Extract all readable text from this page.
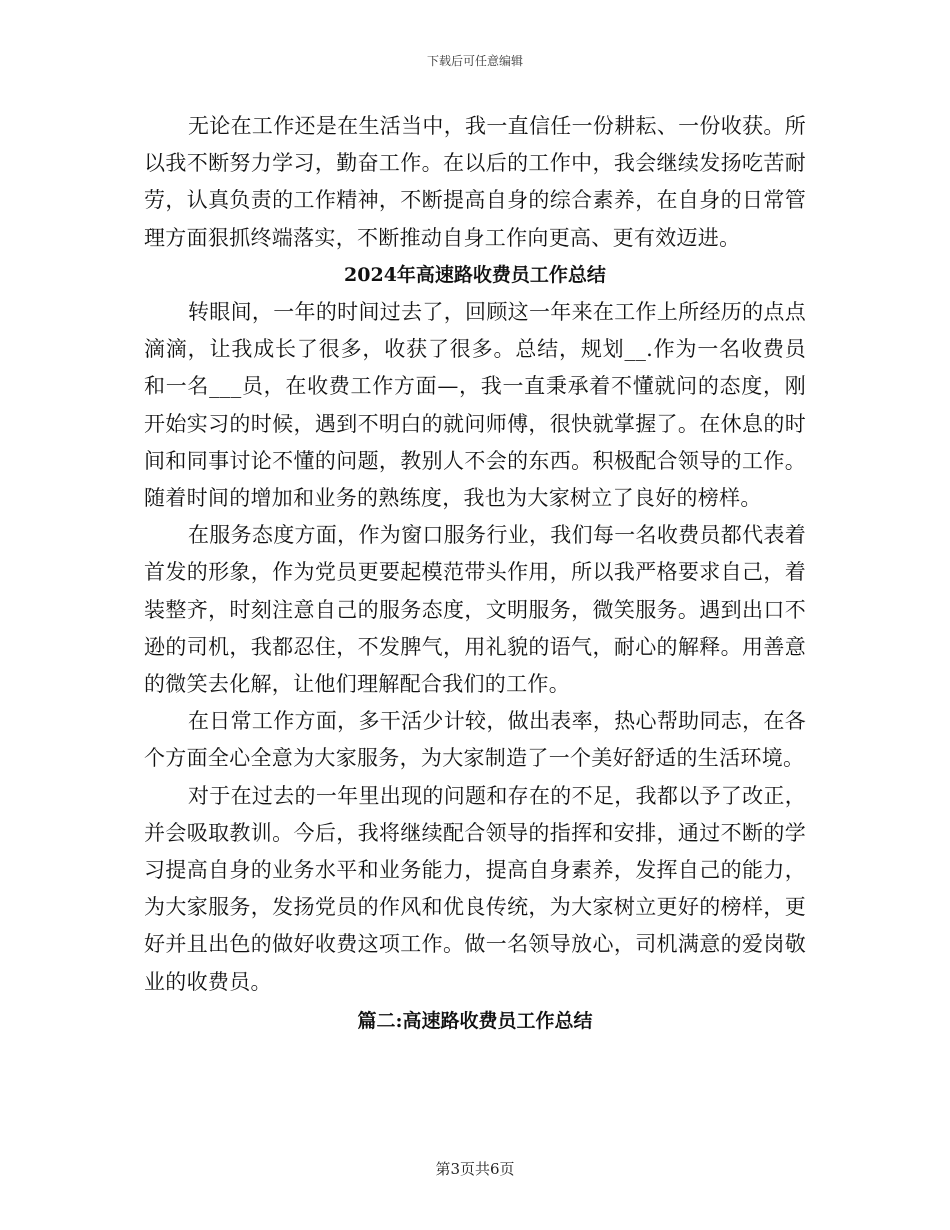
下载后可任意编辑

无论在工作还是在生活当中，我一直信任一份耕耘、一份收获。所以我不断努力学习，勤奋工作。在以后的工作中，我会继续发扬吃苦耐劳，认真负责的工作精神，不断提高自身的综合素养，在自身的日常管理方面狠抓终端落实，不断推动自身工作向更高、更有效迈进。

2024年高速路收费员工作总结

转眼间，一年的时间过去了，回顾这一年来在工作上所经历的点点滴滴，让我成长了很多，收获了很多。总结，规划__.作为一名收费员和一名___员，在收费工作方面—，我一直秉承着不懂就问的态度，刚开始实习的时候，遇到不明白的就问师傅，很快就掌握了。在休息的时间和同事讨论不懂的问题，教别人不会的东西。积极配合领导的工作。随着时间的增加和业务的熟练度，我也为大家树立了良好的榜样。

在服务态度方面，作为窗口服务行业，我们每一名收费员都代表着首发的形象，作为党员更要起模范带头作用，所以我严格要求自己，着装整齐，时刻注意自己的服务态度，文明服务，微笑服务。遇到出口不逊的司机，我都忍住，不发脾气，用礼貌的语气，耐心的解释。用善意的微笑去化解，让他们理解配合我们的工作。

在日常工作方面，多干活少计较，做出表率，热心帮助同志，在各个方面全心全意为大家服务，为大家制造了一个美好舒适的生活环境。

对于在过去的一年里出现的问题和存在的不足，我都以予了改正，并会吸取教训。今后，我将继续配合领导的指挥和安排，通过不断的学习提高自身的业务水平和业务能力，提高自身素养，发挥自己的能力，为大家服务，发扬党员的作风和优良传统，为大家树立更好的榜样，更好并且出色的做好收费这项工作。做一名领导放心，司机满意的爱岗敬业的收费员。

篇二:高速路收费员工作总结
第3页共6页
